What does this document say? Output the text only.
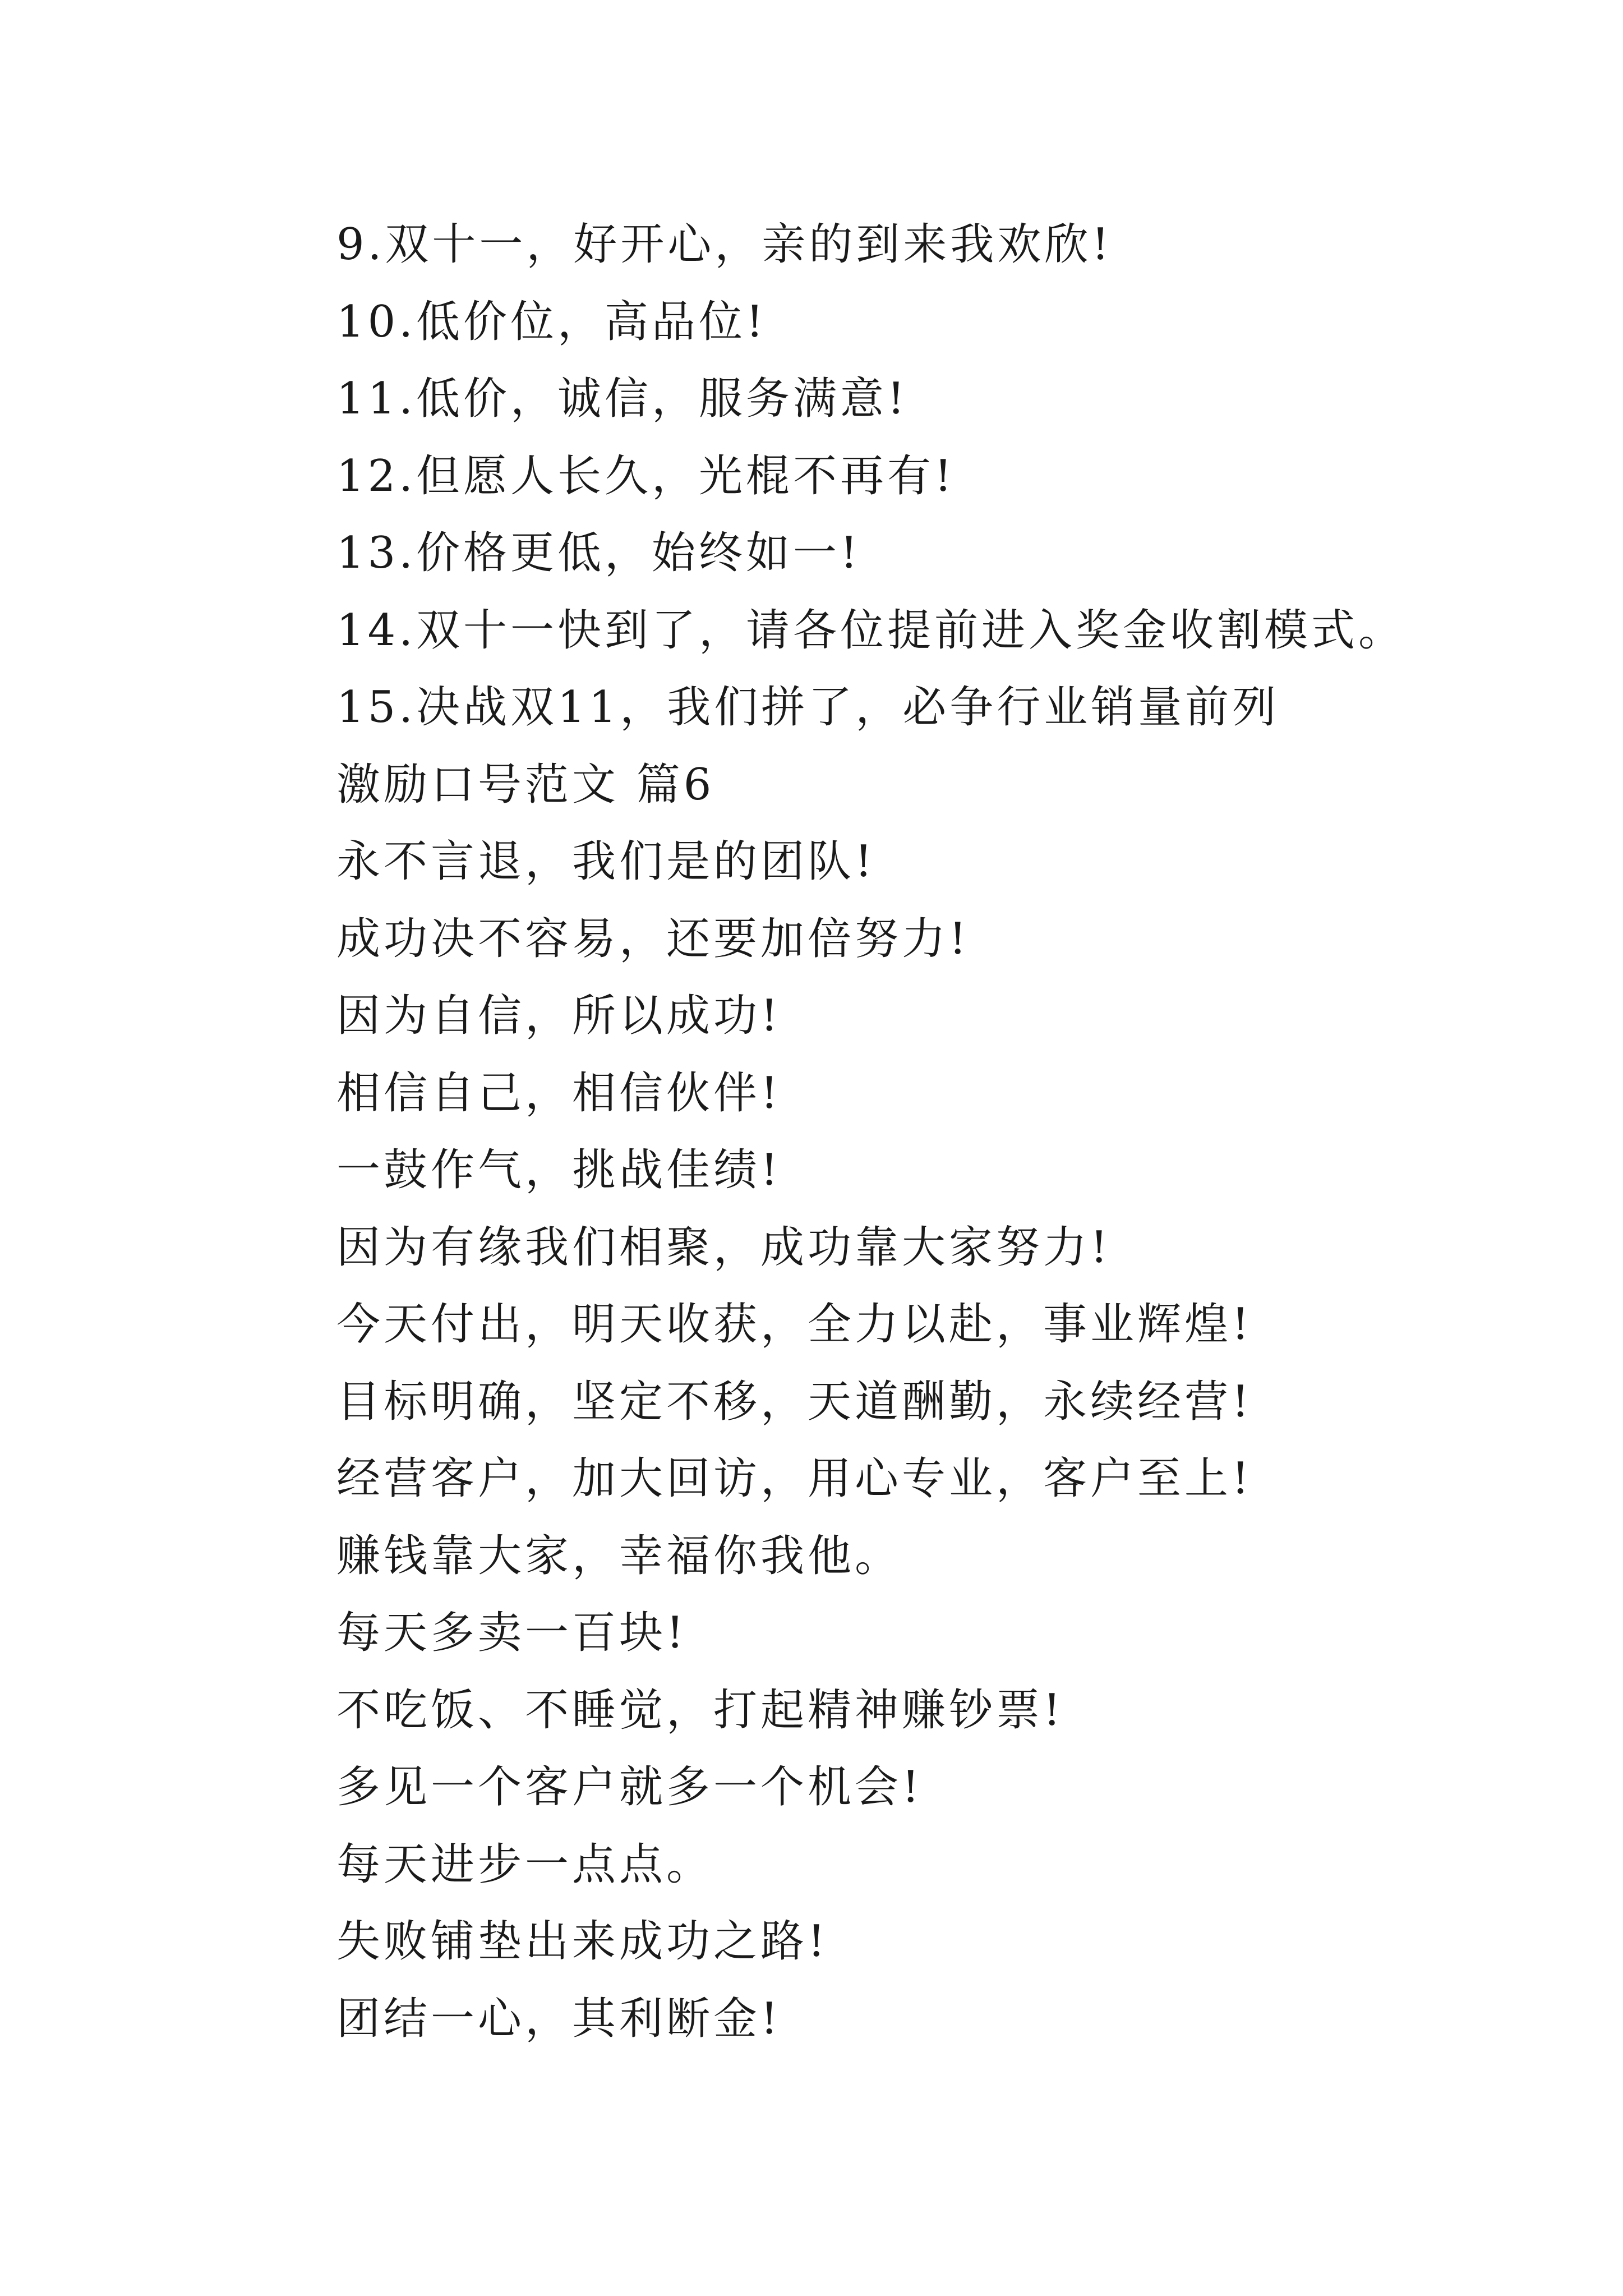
9.双十一，好开心，亲的到来我欢欣!
10.低价位，高品位!
11.低价，诚信，服务满意!
12.但愿人长久，光棍不再有!
13.价格更低，始终如一!
14.双十一快到了，请各位提前进入奖金收割模式。
15.决战双11，我们拼了，必争行业销量前列
激励口号范文 篇6
永不言退，我们是的团队!
成功决不容易，还要加倍努力!
因为自信，所以成功!
相信自己，相信伙伴!
一鼓作气，挑战佳绩!
因为有缘我们相聚，成功靠大家努力!
今天付出，明天收获，全力以赴，事业辉煌!
目标明确，坚定不移，天道酬勤，永续经营!
经营客户，加大回访，用心专业，客户至上!
赚钱靠大家，幸福你我他。
每天多卖一百块!
不吃饭、不睡觉，打起精神赚钞票!
多见一个客户就多一个机会!
每天进步一点点。
失败铺垫出来成功之路!
团结一心，其利断金!
